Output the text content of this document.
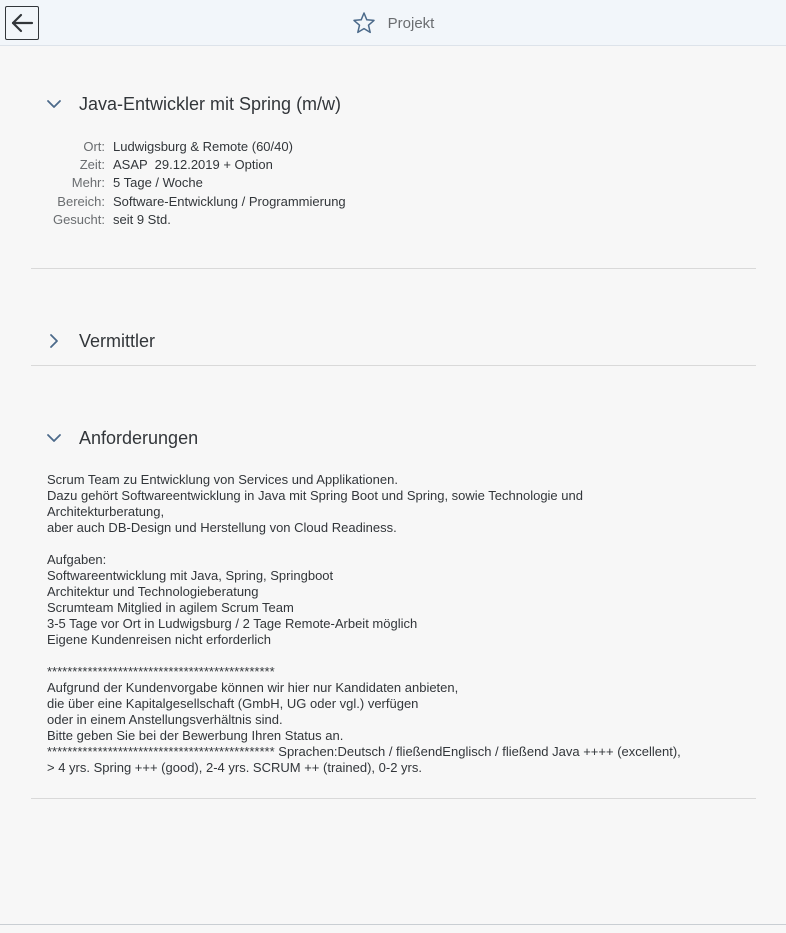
Projekt
Java-Entwickler mit Spring (m/w)
Ort: Ludwigsburg & Remote (60/40)
Zeit: ASAP  29.12.2019 + Option
Mehr: 5 Tage / Woche
Bereich: Software-Entwicklung / Programmierung
Gesucht: seit 9 Std.
Vermittler
Anforderungen
Scrum Team zu Entwicklung von Services und Applikationen.
Dazu gehört Softwareentwicklung in Java mit Spring Boot und Spring, sowie Technologie und
Architekturberatung,
aber auch DB-Design und Herstellung von Cloud Readiness.
Aufgaben:
Softwareentwicklung mit Java, Spring, Springboot
Architektur und Technologieberatung
Scrumteam Mitglied in agilem Scrum Team
3-5 Tage vor Ort in Ludwigsburg / 2 Tage Remote-Arbeit möglich
Eigene Kundenreisen nicht erforderlich
*********************************************
Aufgrund der Kundenvorgabe können wir hier nur Kandidaten anbieten,
die über eine Kapitalgesellschaft (GmbH, UG oder vgl.) verfügen
oder in einem Anstellungsverhältnis sind.
Bitte geben Sie bei der Bewerbung Ihren Status an.
********************************************* Sprachen:Deutsch / fließendEnglisch / fließend Java ++++ (excellent),
> 4 yrs. Spring +++ (good), 2-4 yrs. SCRUM ++ (trained), 0-2 yrs.
